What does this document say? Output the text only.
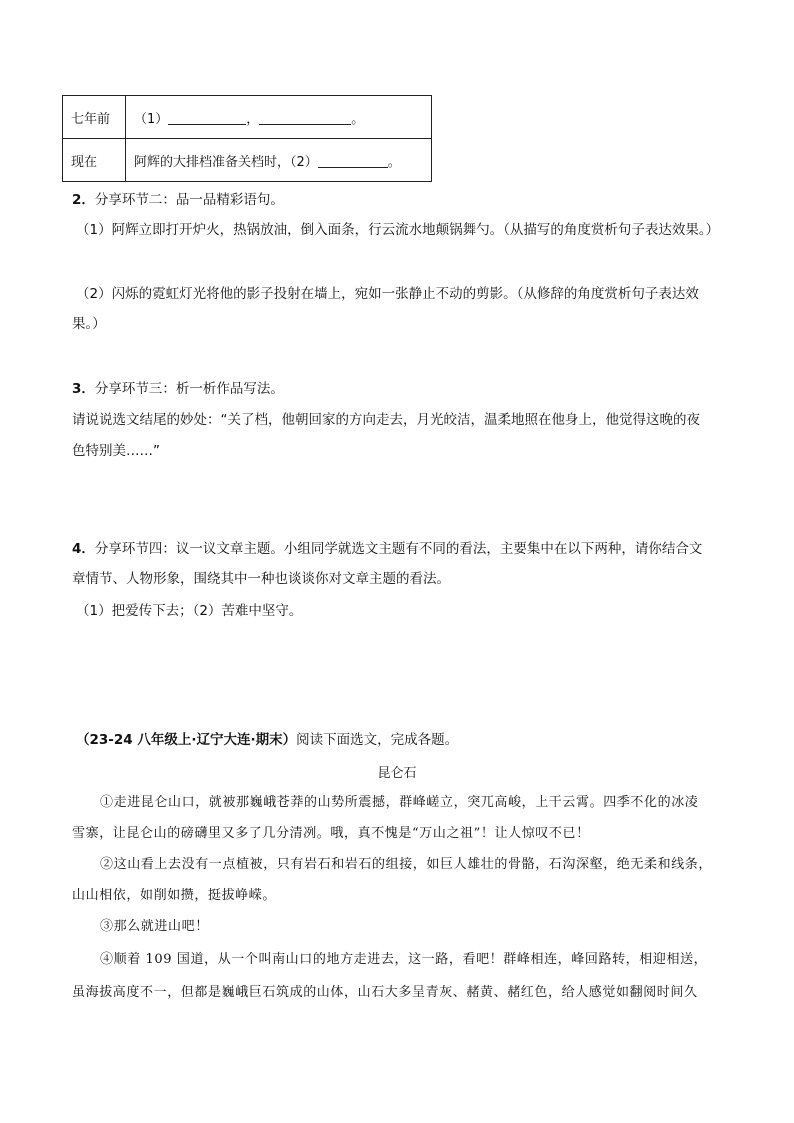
七年前	（1） ， 。
现在	阿辉的大排档准备关档时，（2） 。
2．分享环节二：品一品精彩语句。
（1）阿辉立即打开炉火，热锅放油，倒入面条，行云流水地颠锅舞勺。（从描写的角度赏析句子表达效果。）
（2）闪烁的霓虹灯光将他的影子投射在墙上，宛如一张静止不动的剪影。（从修辞的角度赏析句子表达效
果。）
3．分享环节三：析一析作品写法。
请说说选文结尾的妙处：“关了档，他朝回家的方向走去，月光皎洁，温柔地照在他身上，他觉得这晚的夜
色特别美……”
4．分享环节四：议一议文章主题。小组同学就选文主题有不同的看法，主要集中在以下两种，请你结合文
章情节、人物形象，围绕其中一种也谈谈你对文章主题的看法。
（1）把爱传下去；（2）苦难中坚守。
（23-24 八年级上·辽宁大连·期末）阅读下面选文，完成各题。
昆仑石
①走进昆仑山口，就被那巍峨苍莽的山势所震撼，群峰嵯立，突兀高峻，上干云霄。四季不化的冰凌
雪寨，让昆仑山的磅礴里又多了几分清冽。哦，真不愧是“万山之祖”！让人惊叹不已！
②这山看上去没有一点植被，只有岩石和岩石的组接，如巨人雄壮的骨骼，石沟深壑，绝无柔和线条，
山山相依，如削如攒，挺拔峥嵘。
③那么就进山吧！
④顺着 109 国道，从一个叫南山口的地方走进去，这一路，看吧！群峰相连，峰回路转，相迎相送，
虽海拔高度不一，但都是巍峨巨石筑成的山体，山石大多呈青灰、赭黄、赭红色，给人感觉如翻阅时间久
